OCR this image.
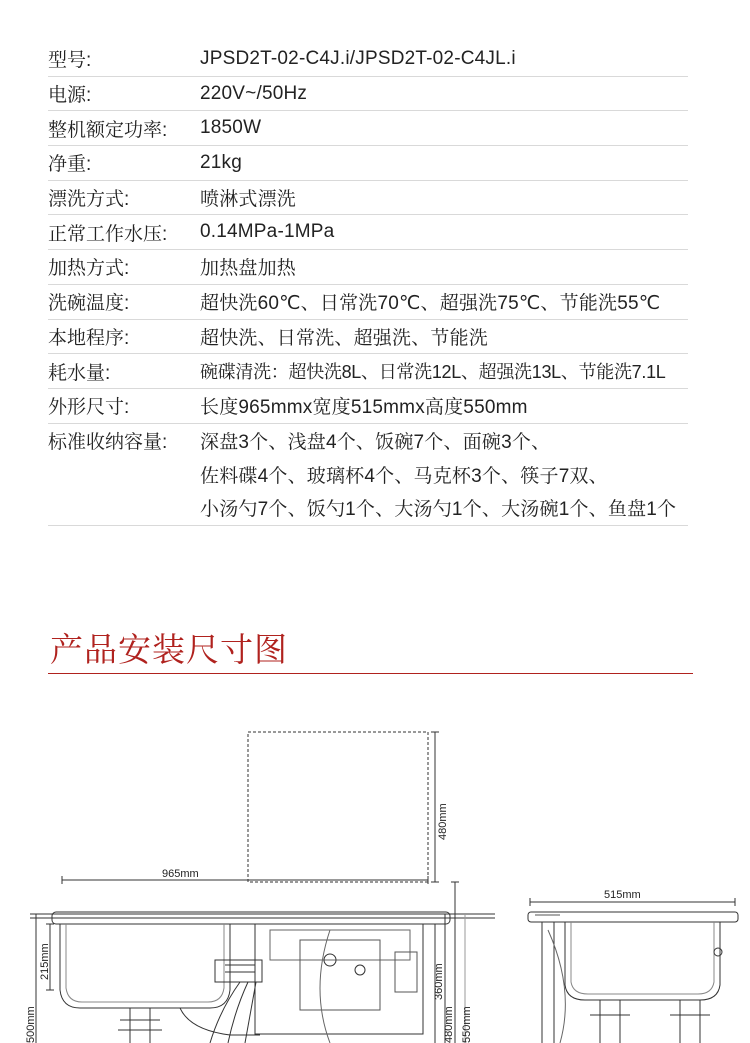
型号:	JPSD2T-02-C4J.i/JPSD2T-02-C4JL.i
电源:	220V~/50Hz
整机额定功率:	1850W
净重:	21kg
漂洗方式:	喷淋式漂洗
正常工作水压:	0.14MPa-1MPa
加热方式:	加热盘加热
洗碗温度:	超快洗60℃、日常洗70℃、超强洗75℃、节能洗55℃
本地程序:	超快洗、日常洗、超强洗、节能洗
耗水量:	碗碟清洗：超快洗8L、日常洗12L、超强洗13L、节能洗7.1L
外形尺寸:	长度965mmx宽度515mmx高度550mm
标准收纳容量:	深盘3个、浅盘4个、饭碗7个、面碗3个、
佐料碟4个、玻璃杯4个、马克杯3个、筷子7双、
小汤勺7个、饭勺1个、大汤勺1个、大汤碗1个、鱼盘1个
产品安装尺寸图
480mm
965mm
515mm
215mm
500mm
360mm
480mm 550mm
